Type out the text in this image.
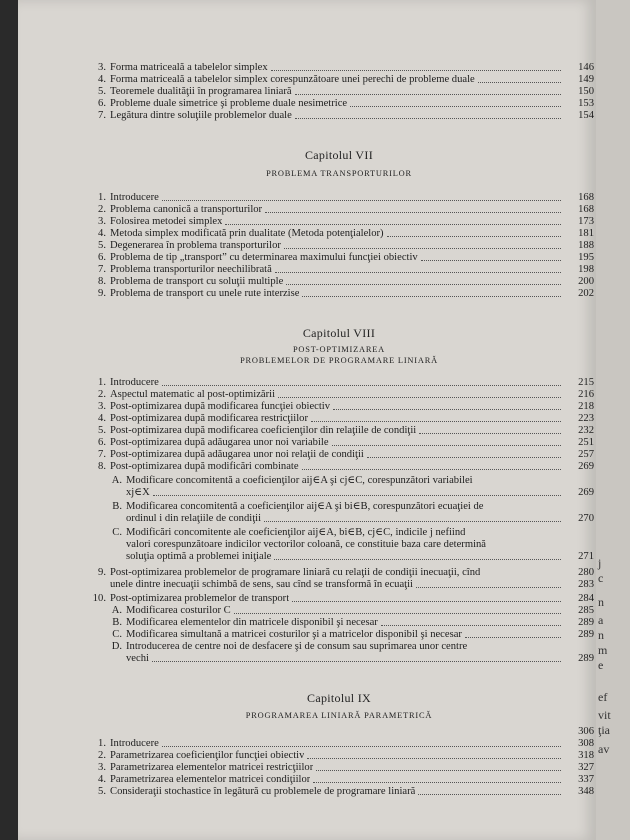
j
c
n
a
n
m
e
ef
vit
ţia
av
3. Forma matriceală a tabelelor simplex	146
4. Forma matriceală a tabelelor simplex corespunzătoare unei perechi de probleme duale	149
5. Teoremele dualităţii în programarea liniară	150
6. Probleme duale simetrice şi probleme duale nesimetrice	153
7. Legătura dintre soluţiile problemelor duale	154
Capitolul VII
PROBLEMA TRANSPORTURILOR
1. Introducere	168
2. Problema canonică a transporturilor	168
3. Folosirea metodei simplex	173
4. Metoda simplex modificată prin dualitate (Metoda potenţialelor)	181
5. Degenerarea în problema transporturilor	188
6. Problema de tip „transport” cu determinarea maximului funcţiei obiectiv	195
7. Problema transporturilor neechilibrată	198
8. Problema de transport cu soluţii multiple	200
9. Problema de transport cu unele rute interzise	202
Capitolul VIII
POST-OPTIMIZAREA
PROBLEMELOR DE PROGRAMARE LINIARĂ
1. Introducere	215
2. Aspectul matematic al post-optimizării	216
3. Post-optimizarea după modificarea funcţiei obiectiv	218
4. Post-optimizarea după modificarea restricţiilor	223
5. Post-optimizarea după modificarea coeficienţilor din relaţiile de condiţii	232
6. Post-optimizarea după adăugarea unor noi variabile	251
7. Post-optimizarea după adăugarea unor noi relaţii de condiţii	257
8. Post-optimizarea după modificări combinate	269
A. Modificare concomitentă a coeficienţilor aij∈A şi cj∈C, corespunzători variabilei
xj∈X	269
B. Modificarea concomitentă a coeficienţilor aij∈A şi bi∈B, corespunzători ecuaţiei de
ordinul i din relaţiile de condiţii	270
C. Modificări concomitente ale coeficienţilor aij∈A, bi∈B, cj∈C, indicile j nefiind
valori corespunzătoare indicilor vectorilor coloană, ce constituie baza care determină
soluţia optimă a problemei iniţiale	271
9. Post-optimizarea problemelor de programare liniară cu relaţii de condiţii inecuaţii, cînd	280
unele dintre inecuaţii schimbă de sens, sau cînd se transformă în ecuaţii	283
10. Post-optimizarea problemelor de transport	284
A. Modificarea costurilor C	285
B. Modificarea elementelor din matricele disponibil şi necesar	289
C. Modificarea simultană a matricei costurilor şi a matricelor disponibil şi necesar	289
D. Introducerea de centre noi de desfacere şi de consum sau suprimarea unor centre
vechi	289
Capitolul IX
PROGRAMAREA LINIARĂ PARAMETRICĂ
306
1. Introducere	308
2. Parametrizarea coeficienţilor funcţiei obiectiv	318
3. Parametrizarea elementelor matricei restricţiilor	327
4. Parametrizarea elementelor matricei condiţiilor	337
5. Consideraţii stochastice în legătură cu problemele de programare liniară	348
